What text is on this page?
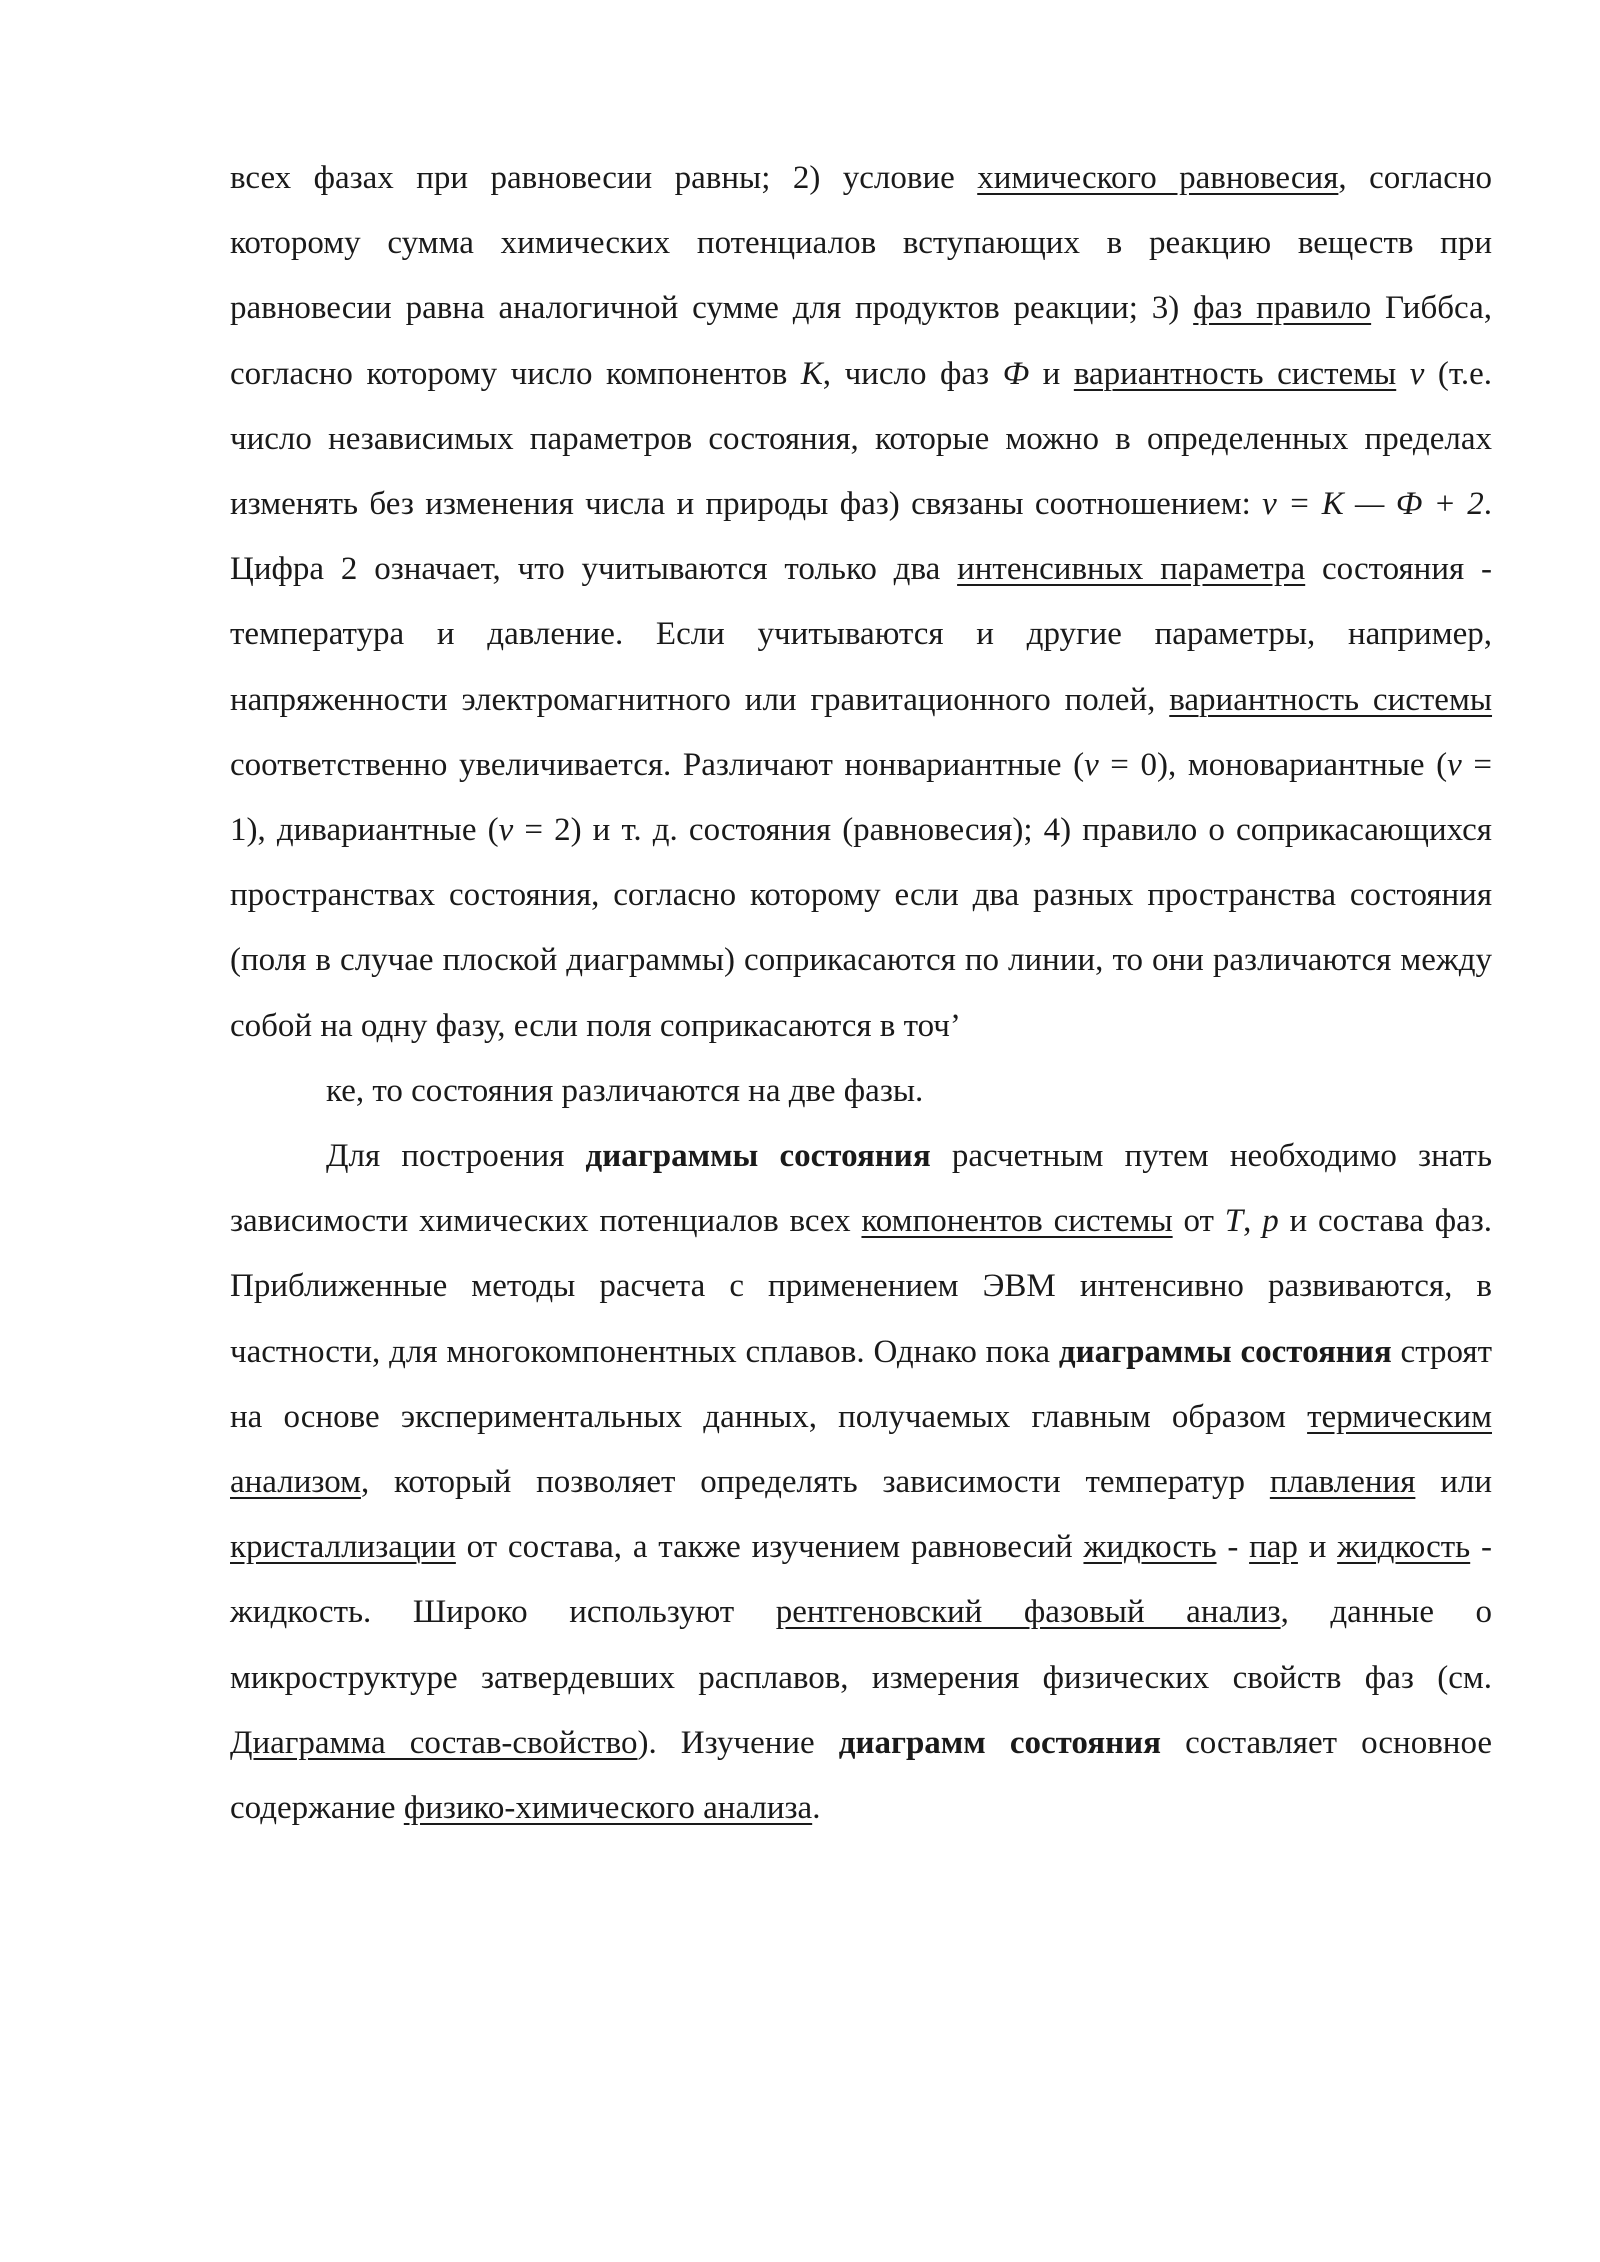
всех фазах при равновесии равны; 2) условие химического равновесия, согласно которому сумма химических потенциалов вступающих в реакцию веществ при равновесии равна аналогичной сумме для продуктов реакции; 3) фаз правило Гиббса, согласно которому число компонентов К, число фаз Ф и вариантность системы v (т.е. число независимых параметров состояния, которые можно в определенных пределах изменять без изменения числа и природы фаз) связаны соотношением: v = К — Ф + 2. Цифра 2 означает, что учитываются только два интенсивных параметра состояния - температура и давление. Если учитываются и другие параметры, например, напряженности электромагнитного или гравитационного полей, вариантность системы соответственно увеличивается. Различают нонвариантные (v = 0), моновариантные (v = 1), дивариантные (v = 2) и т. д. состояния (равновесия); 4) правило о соприкасающихся пространствах состояния, согласно которому если два разных пространства состояния (поля в случае плоской диаграммы) соприкасаются по линии, то они различаются между собой на одну фазу, если поля соприкасаются в точ’

ке, то состояния различаются на две фазы.

Для построения диаграммы состояния расчетным путем необходимо знать зависимости химических потенциалов всех компонентов системы от Т, р и состава фаз. Приближенные методы расчета с применением ЭВМ интенсивно развиваются, в частности, для многокомпонентных сплавов. Однако пока диаграммы состояния строят на основе экспериментальных данных, получаемых главным образом термическим анализом, который позволяет определять зависимости температур плавления или кристаллизации от состава, а также изучением равновесий жидкость - пар и жидкость - жидкость. Широко используют рентгеновский фазовый анализ, данные о микроструктуре затвердевших расплавов, измерения физических свойств фаз (см. Диаграмма состав-свойство). Изучение диаграмм состояния составляет основное содержание физико-химического анализа.
